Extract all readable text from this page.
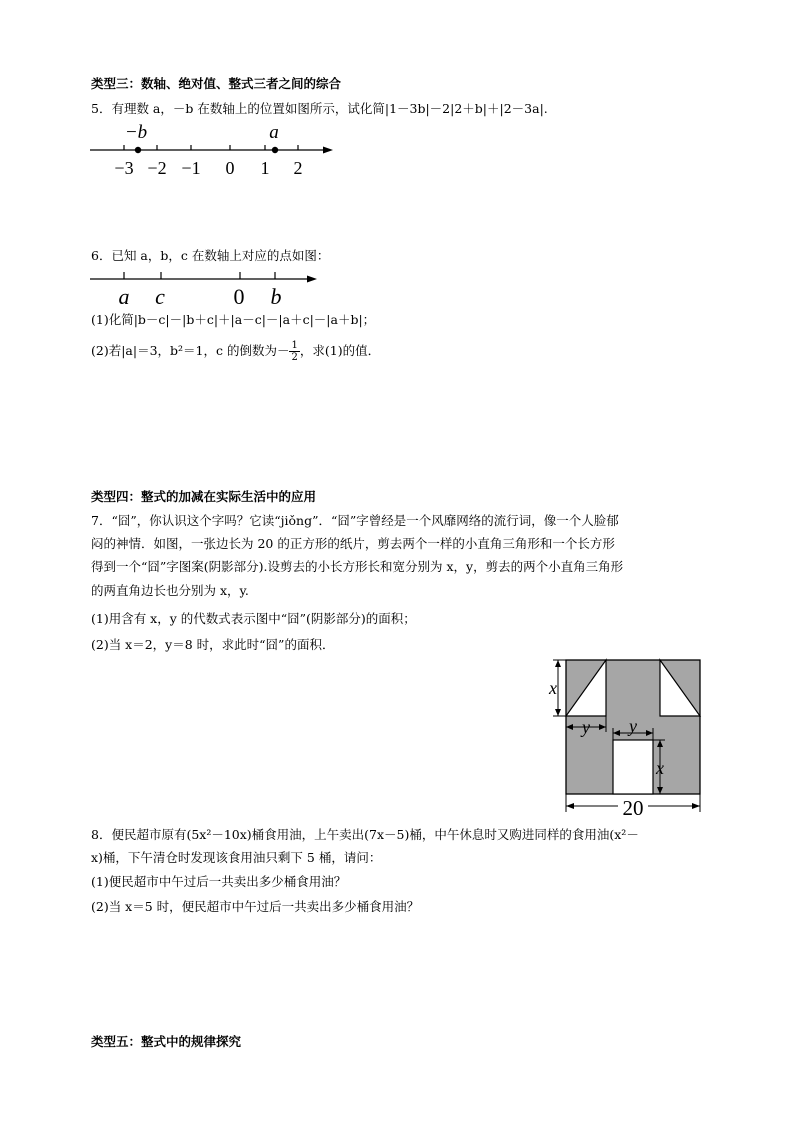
类型三：数轴、绝对值、整式三者之间的综合
5．有理数 a，－b 在数轴上的位置如图所示，试化简|1－3b|－2|2＋b|＋|2－3a|.
−b	a
−3 −2 −1 0 1 2
6．已知 a，b，c 在数轴上对应的点如图：
a c	0 b
(1)化简|b－c|－|b＋c|＋|a－c|－|a＋c|－|a＋b|；
(2)若|a|＝3，b²＝1，c 的倒数为－ $\frac{1}{2}$ ，求(1)的值．
类型四：整式的加减在实际生活中的应用
7．“囧”，你认识这个字吗？它读“jiǒng”．“囧”字曾经是一个风靡网络的流行词，像一个人脸郁
闷的神情．如图，一张边长为 20 的正方形的纸片，剪去两个一样的小直角三角形和一个长方形
得到一个“囧”字图案(阴影部分).设剪去的小长方形长和宽分别为 x，y，剪去的两个小直角三角形
的两直角边长也分别为 x，y.
(1)用含有 x，y 的代数式表示图中“囧”(阴影部分)的面积；
(2)当 x＝2，y＝8 时，求此时“囧”的面积．
x
y y
x
20
8．便民超市原有(5x²－10x)桶食用油，上午卖出(7x－5)桶，中午休息时又购进同样的食用油(x²－
x)桶，下午清仓时发现该食用油只剩下 5 桶，请问：
(1)便民超市中午过后一共卖出多少桶食用油？
(2)当 x＝5 时，便民超市中午过后一共卖出多少桶食用油？
类型五：整式中的规律探究
